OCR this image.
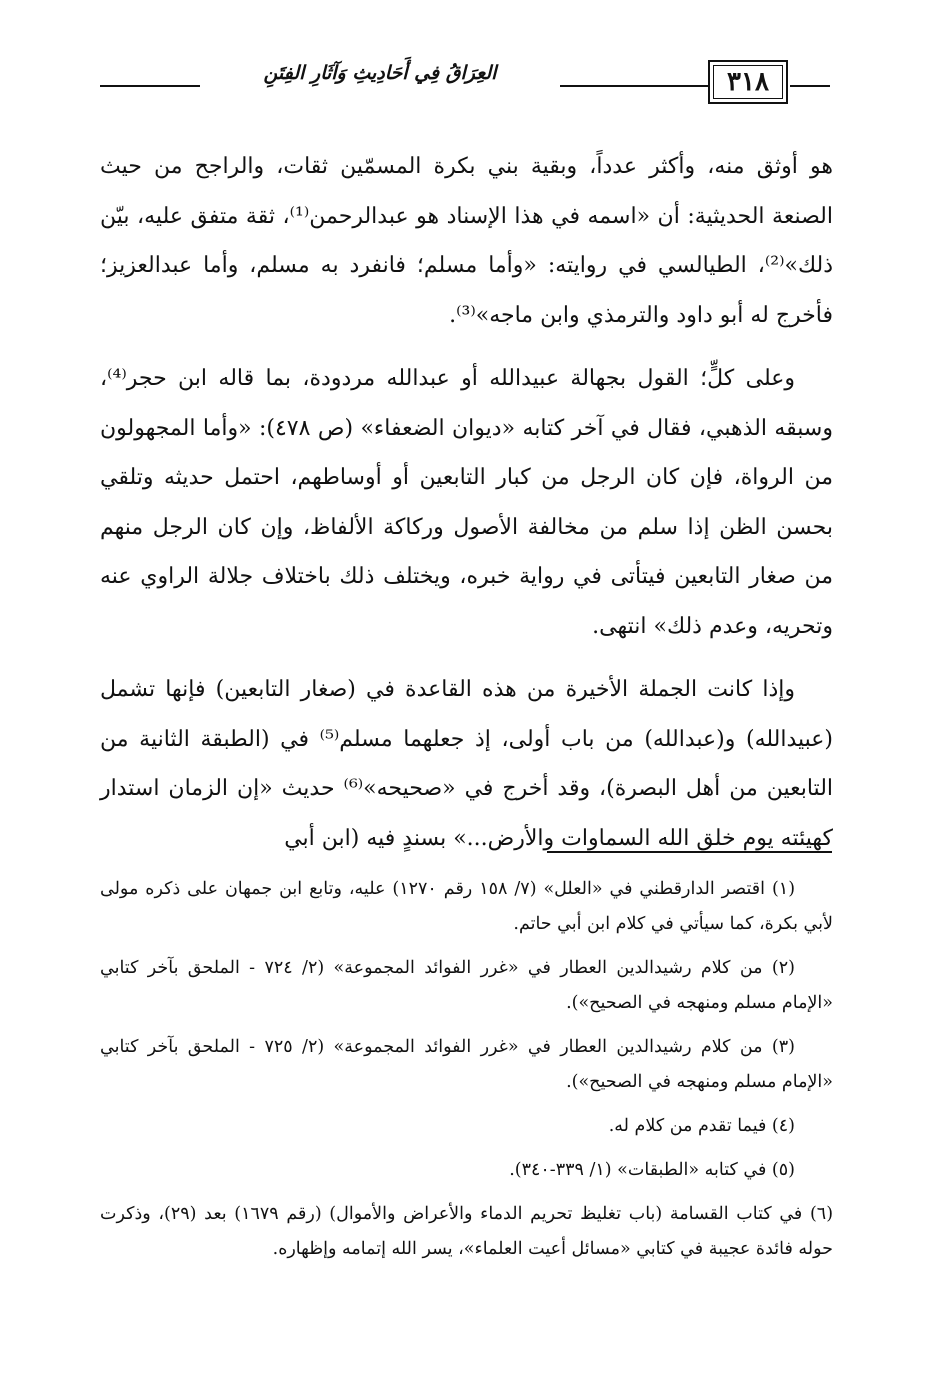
العِرَاقُ فِي أَحَادِيثِ وَآثَارِ الفِتَنِ	٣١٨

هو أوثق منه، وأكثر عدداً، وبقية بني بكرة المسمّين ثقات، والراجح من حيث الصنعة الحديثية: أن «اسمه في هذا الإسناد هو عبدالرحمن⁽¹⁾، ثقة متفق عليه، بيّن ذلك»⁽²⁾، الطيالسي في روايته: «وأما مسلم؛ فانفرد به مسلم، وأما عبدالعزيز؛ فأخرج له أبو داود والترمذي وابن ماجه»⁽³⁾.

وعلى كلٍّ؛ القول بجهالة عبيدالله أو عبدالله مردودة، بما قاله ابن حجر⁽⁴⁾، وسبقه الذهبي، فقال في آخر كتابه «ديوان الضعفاء» (ص ٤٧٨): «وأما المجهولون من الرواة، فإن كان الرجل من كبار التابعين أو أوساطهم، احتمل حديثه وتلقي بحسن الظن إذا سلم من مخالفة الأصول وركاكة الألفاظ، وإن كان الرجل منهم من صغار التابعين فيتأتى في رواية خبره، ويختلف ذلك باختلاف جلالة الراوي عنه وتحريه، وعدم ذلك» انتهى.

وإذا كانت الجملة الأخيرة من هذه القاعدة في (صغار التابعين) فإنها تشمل (عبيدالله) و(عبدالله) من باب أولى، إذ جعلهما مسلم⁽⁵⁾ في (الطبقة الثانية من التابعين من أهل البصرة)، وقد أخرج في «صحيحه»⁽⁶⁾ حديث «إن الزمان استدار كهيئته يوم خلق الله السماوات والأرض...» بسندٍ فيه (ابن أبي

(١) اقتصر الدارقطني في «العلل» (٧/ ١٥٨ رقم ١٢٧٠) عليه، وتابع ابن جمهان على ذكره مولى لأبي بكرة، كما سيأتي في كلام ابن أبي حاتم.
(٢) من كلام رشيدالدين العطار في «غرر الفوائد المجموعة» (٢/ ٧٢٤ - الملحق بآخر كتابي «الإمام مسلم ومنهجه في الصحيح»).
(٣) من كلام رشيدالدين العطار في «غرر الفوائد المجموعة» (٢/ ٧٢٥ - الملحق بآخر كتابي «الإمام مسلم ومنهجه في الصحيح»).
(٤) فيما تقدم من كلام له.
(٥) في كتابه «الطبقات» (١/ ٣٣٩-٣٤٠).
(٦) في كتاب القسامة (باب تغليظ تحريم الدماء والأعراض والأموال) (رقم ١٦٧٩) بعد (٢٩)، وذكرت حوله فائدة عجيبة في كتابي «مسائل أعيت العلماء»، يسر الله إتمامه وإظهاره.
